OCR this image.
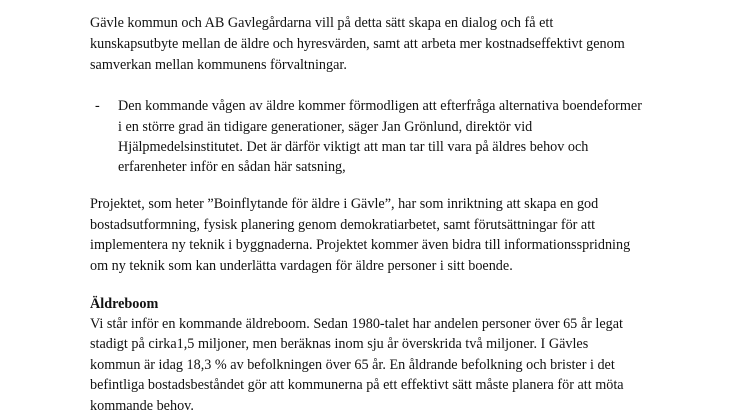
Gävle kommun och AB Gavlegårdarna vill på detta sätt skapa en dialog och få ett
kunskapsutbyte mellan de äldre och hyresvärden, samt att arbeta mer kostnadseffektivt genom
samverkan mellan kommunens förvaltningar.
- Den kommande vågen av äldre kommer förmodligen att efterfråga alternativa boendeformer
i en större grad än tidigare generationer, säger Jan Grönlund, direktör vid
Hjälpmedelsinstitutet. Det är därför viktigt att man tar till vara på äldres behov och
erfarenheter inför en sådan här satsning,
Projektet, som heter ”Boinflytande för äldre i Gävle”, har som inriktning att skapa en god
bostadsutformning, fysisk planering genom demokratiarbetet, samt förutsättningar för att
implementera ny teknik i byggnaderna. Projektet kommer även bidra till informationsspridning
om ny teknik som kan underlätta vardagen för äldre personer i sitt boende.
Äldreboom
Vi står inför en kommande äldreboom. Sedan 1980-talet har andelen personer över 65 år legat
stadigt på cirka1,5 miljoner, men beräknas inom sju år överskrida två miljoner. I Gävles
kommun är idag 18,3 % av befolkningen över 65 år. En åldrande befolkning och brister i det
befintliga bostadsbeståndet gör att kommunerna på ett effektivt sätt måste planera för att möta
kommande behov.
